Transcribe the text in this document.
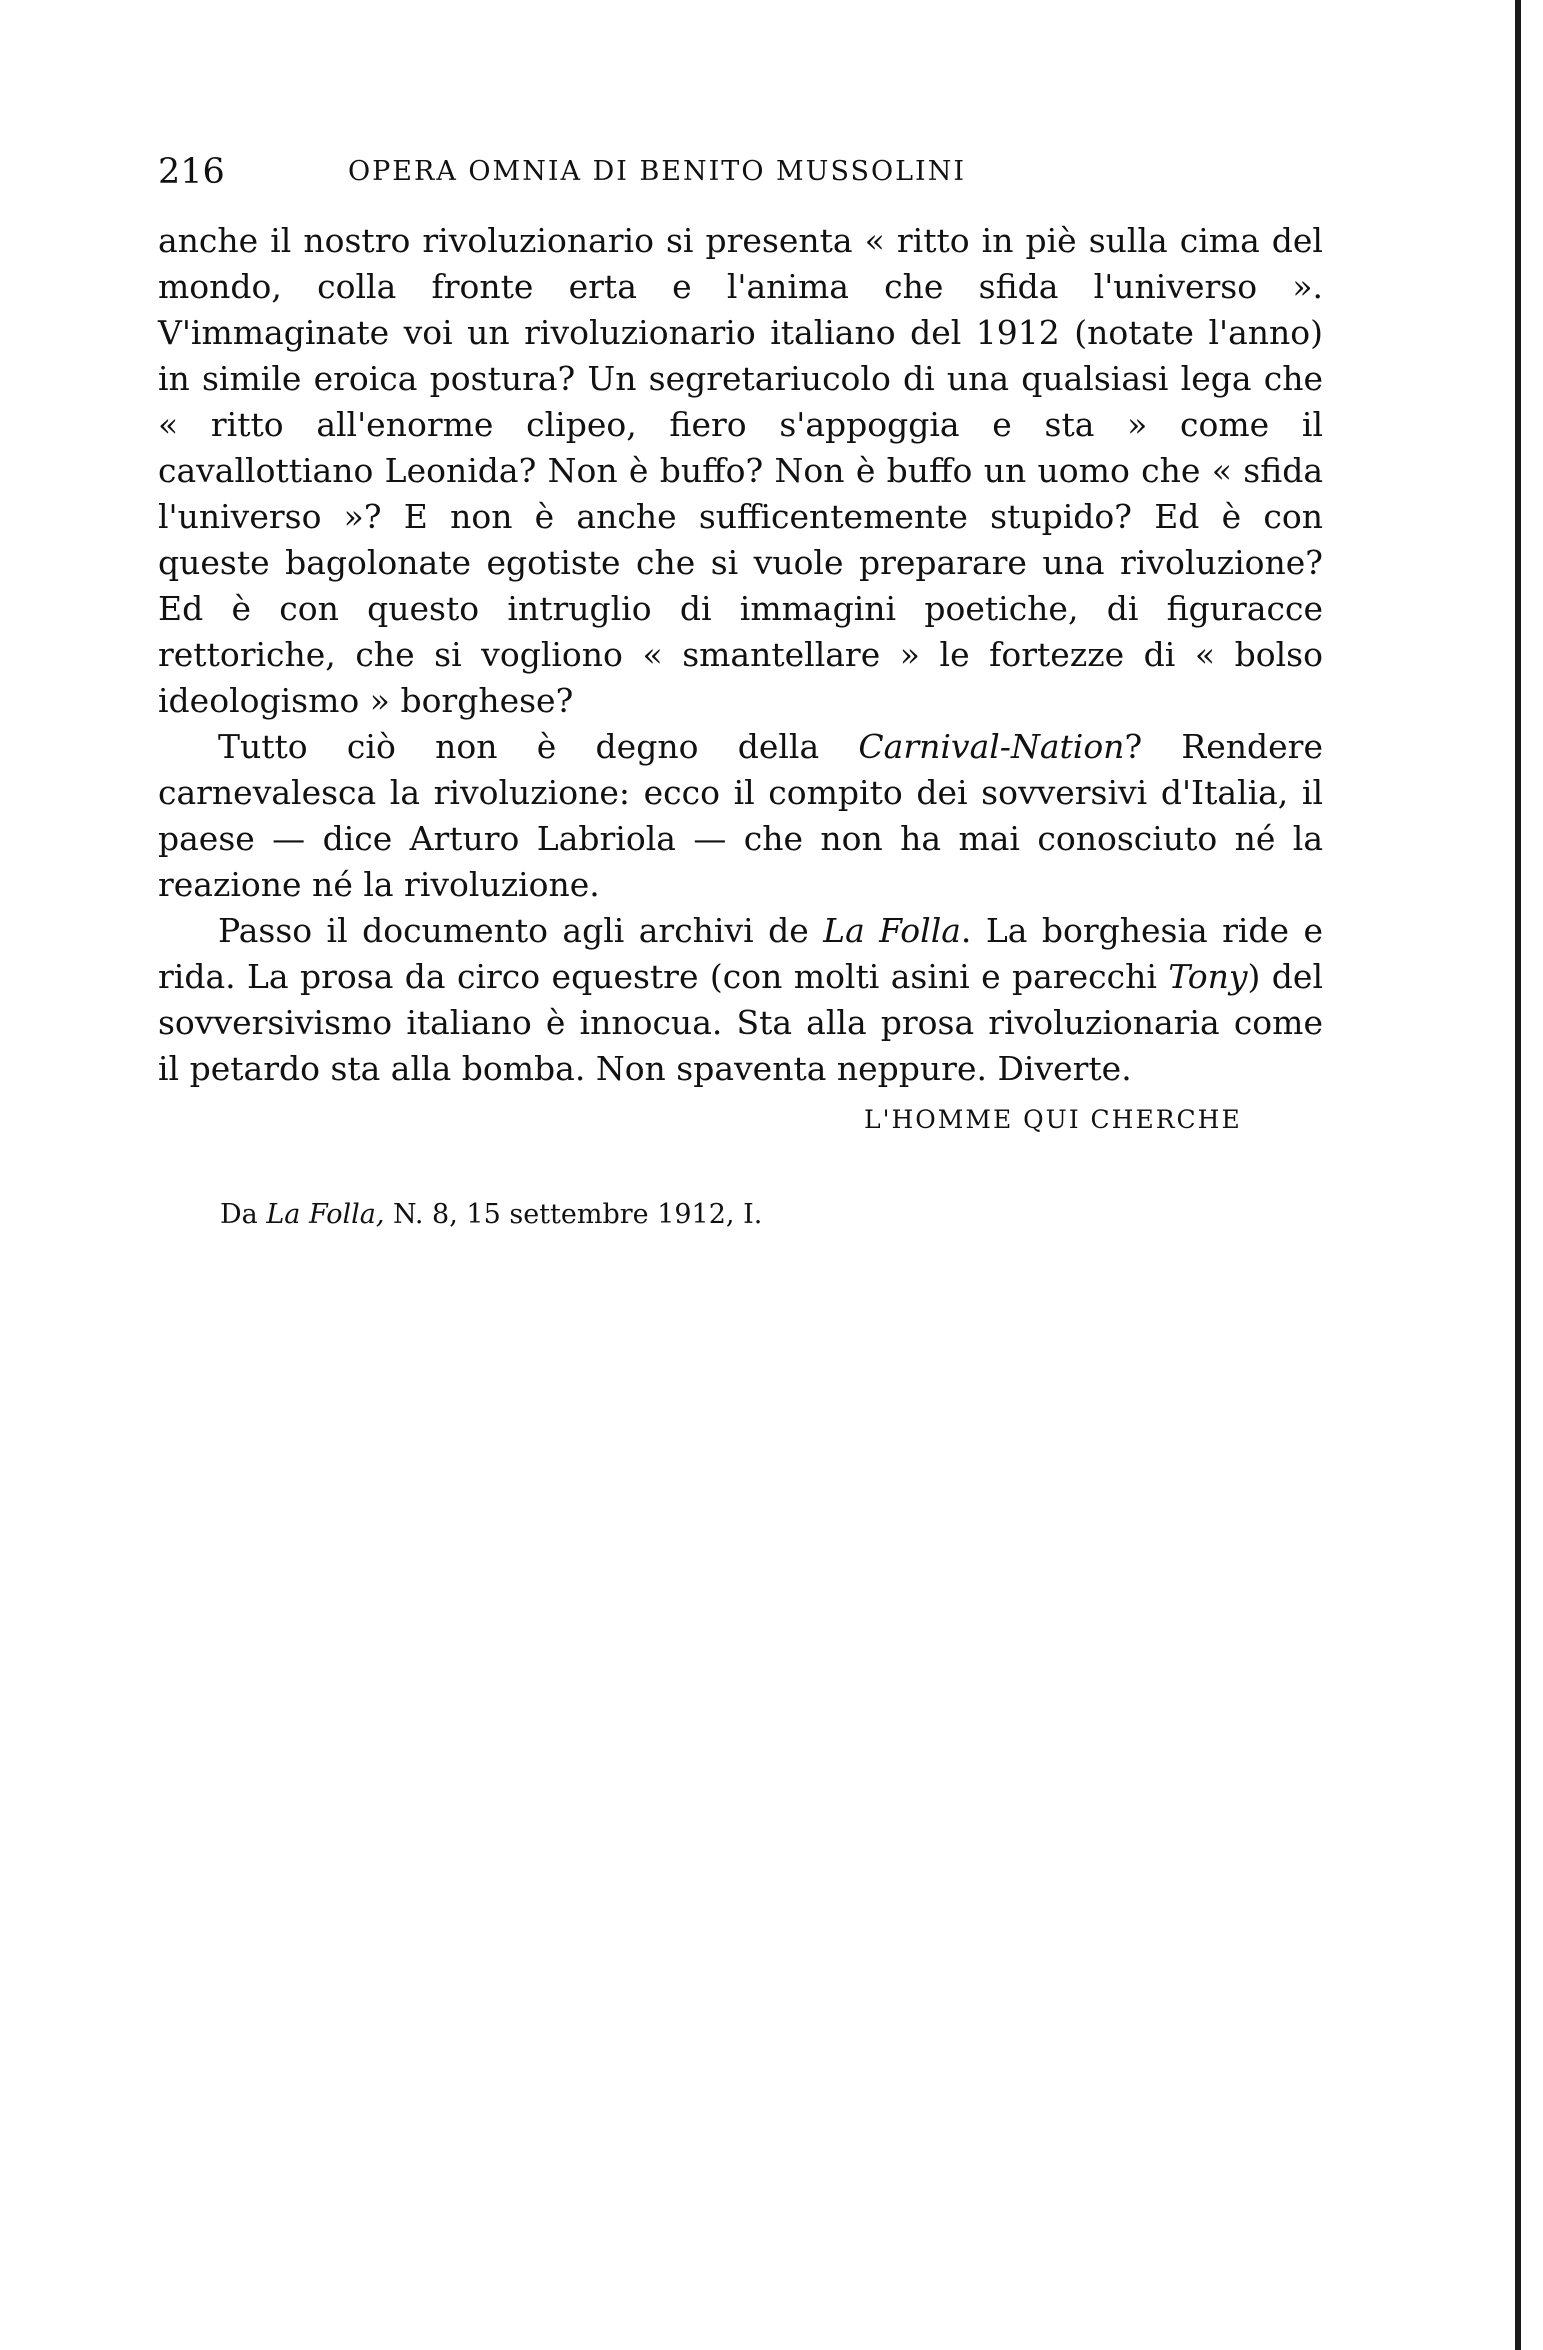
216	OPERA OMNIA DI BENITO MUSSOLINI

anche il nostro rivoluzionario si presenta « ritto in piè sulla cima del mondo, colla fronte erta e l'anima che sfida l'universo ». V'immaginate voi un rivoluzionario italiano del 1912 (notate l'anno) in simile eroica postura? Un segretariucolo di una qualsiasi lega che « ritto all'enorme clipeo, fiero s'appoggia e sta » come il cavallottiano Leonida? Non è buffo? Non è buffo un uomo che « sfida l'universo »? E non è anche sufficentemente stupido? Ed è con queste bagolonate egotiste che si vuole preparare una rivoluzione? Ed è con questo intruglio di immagini poetiche, di figuracce rettoriche, che si vogliono « smantellare » le fortezze di « bolso ideologismo » borghese?

Tutto ciò non è degno della Carnival-Nation? Rendere carnevalesca la rivoluzione: ecco il compito dei sovversivi d'Italia, il paese — dice Arturo Labriola — che non ha mai conosciuto né la reazione né la rivoluzione.

Passo il documento agli archivi de La Folla. La borghesia ride e rida. La prosa da circo equestre (con molti asini e parecchi Tony) del sovversivismo italiano è innocua. Sta alla prosa rivoluzionaria come il petardo sta alla bomba. Non spaventa neppure. Diverte.

L'HOMME QUI CHERCHE
Da La Folla, N. 8, 15 settembre 1912, I.
